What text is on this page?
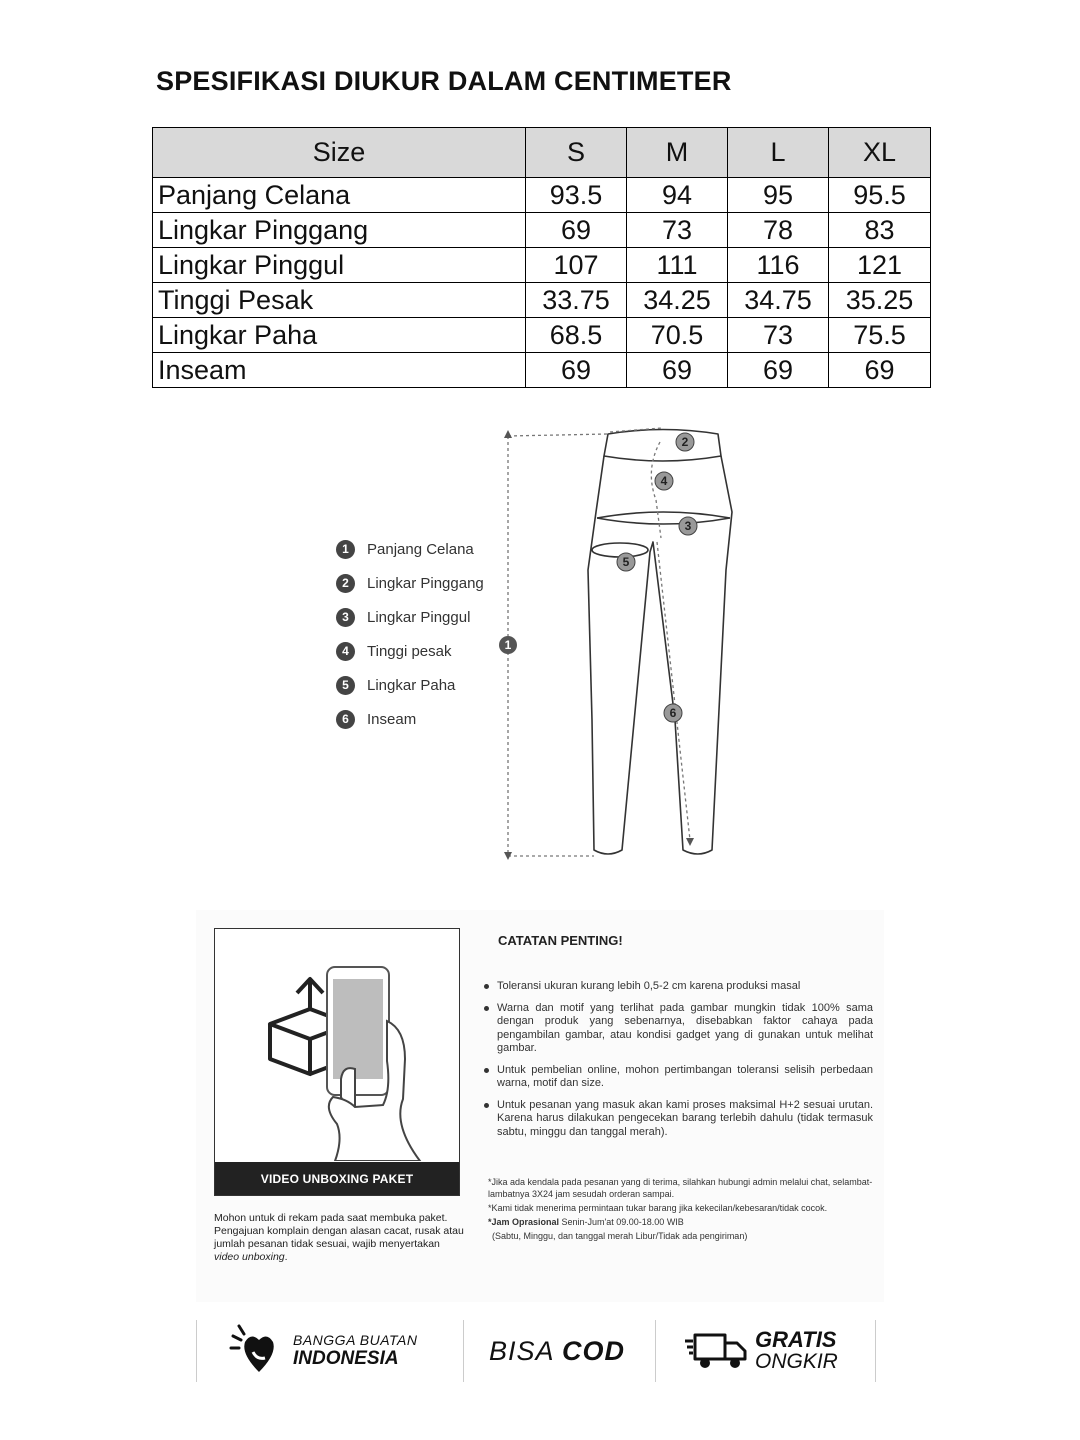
SPESIFIKASI DIUKUR DALAM CENTIMETER
Size	S	M	L	XL
Panjang Celana	93.5	94	95	95.5
Lingkar Pinggang	69	73	78	83
Lingkar Pinggul	107	111	116	121
Tinggi Pesak	33.75	34.25	34.75	35.25
Lingkar Paha	68.5	70.5	73	75.5
Inseam	69	69	69	69
1	Panjang Celana
2	Lingkar Pinggang
3	Lingkar Pinggul
4	Tinggi pesak
5	Lingkar Paha
6	Inseam
1
2
3
4
5
6
VIDEO UNBOXING PAKET
Mohon untuk di rekam pada saat membuka paket. Pengajuan komplain dengan alasan cacat, rusak atau jumlah pesanan tidak sesuai, wajib menyertakan video unboxing.
CATATAN PENTING!
Toleransi ukuran kurang lebih 0,5-2 cm karena produksi masal
Warna dan motif yang terlihat pada gambar mungkin tidak 100% sama dengan produk yang sebenarnya, disebabkan faktor cahaya pada pengambilan gambar, atau kondisi gadget yang di gunakan untuk melihat gambar.
Untuk pembelian online, mohon pertimbangan toleransi selisih perbedaan warna, motif dan size.
Untuk pesanan yang masuk akan kami proses maksimal H+2 sesuai urutan. Karena harus dilakukan pengecekan barang terlebih dahulu (tidak termasuk sabtu, minggu dan tanggal merah).

*Jika ada kendala pada pesanan yang di terima, silahkan hubungi admin melalui chat, selambat-lambatnya 3X24 jam sesudah orderan sampai.

*Kami tidak menerima permintaan tukar barang jika kekecilan/kebesaran/tidak cocok.

*Jam Oprasional Senin-Jum'at 09.00-18.00 WIB

(Sabtu, Minggu, dan tanggal merah Libur/Tidak ada pengiriman)

BANGGA BUATAN
INDONESIA	BISA COD	GRATIS
ONGKIR
